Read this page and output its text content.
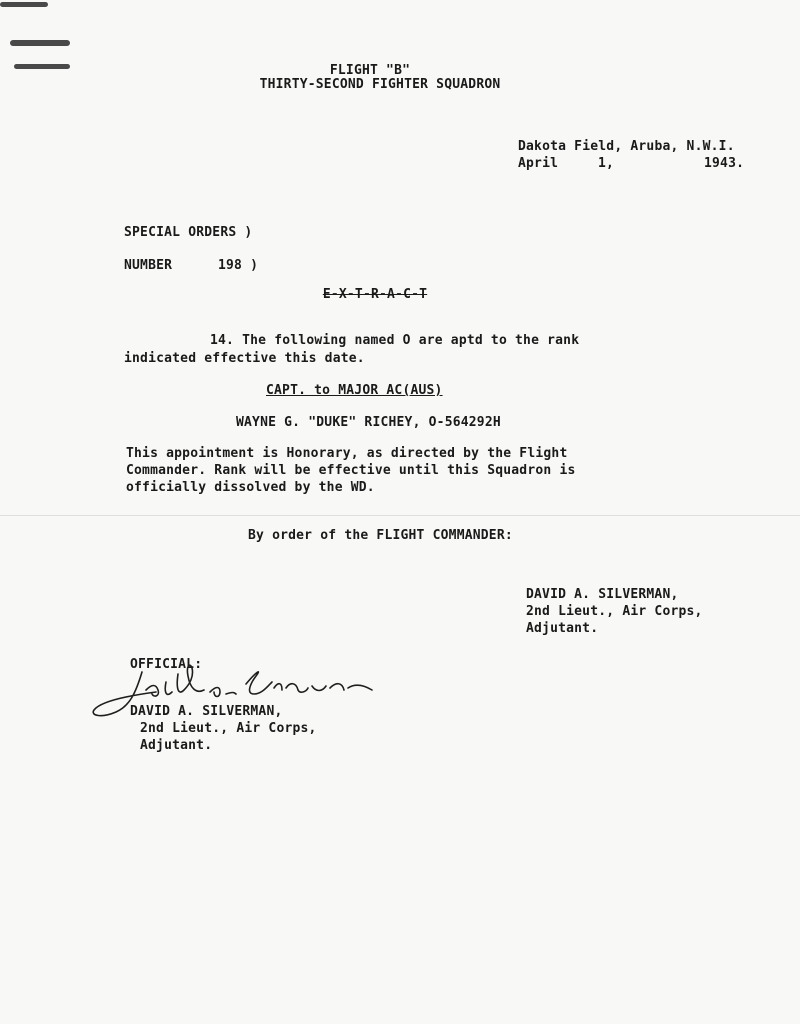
FLIGHT "B"
THIRTY-SECOND FIGHTER SQUADRON
Dakota Field, Aruba, N.W.I.
April	1,	1943.
SPECIAL ORDERS )
NUMBER	198 )
E-X-T-R-A-C-T
14. The following named O are aptd to the rank
indicated effective this date.
CAPT. to MAJOR AC(AUS)
WAYNE G. "DUKE" RICHEY, O-564292H
This appointment is Honorary, as directed by the Flight
Commander. Rank will be effective until this Squadron is
officially dissolved by the WD.
By order of the FLIGHT COMMANDER:
DAVID A. SILVERMAN,
2nd Lieut., Air Corps,
Adjutant.
OFFICIAL:
DAVID A. SILVERMAN,
2nd Lieut., Air Corps,
Adjutant.
